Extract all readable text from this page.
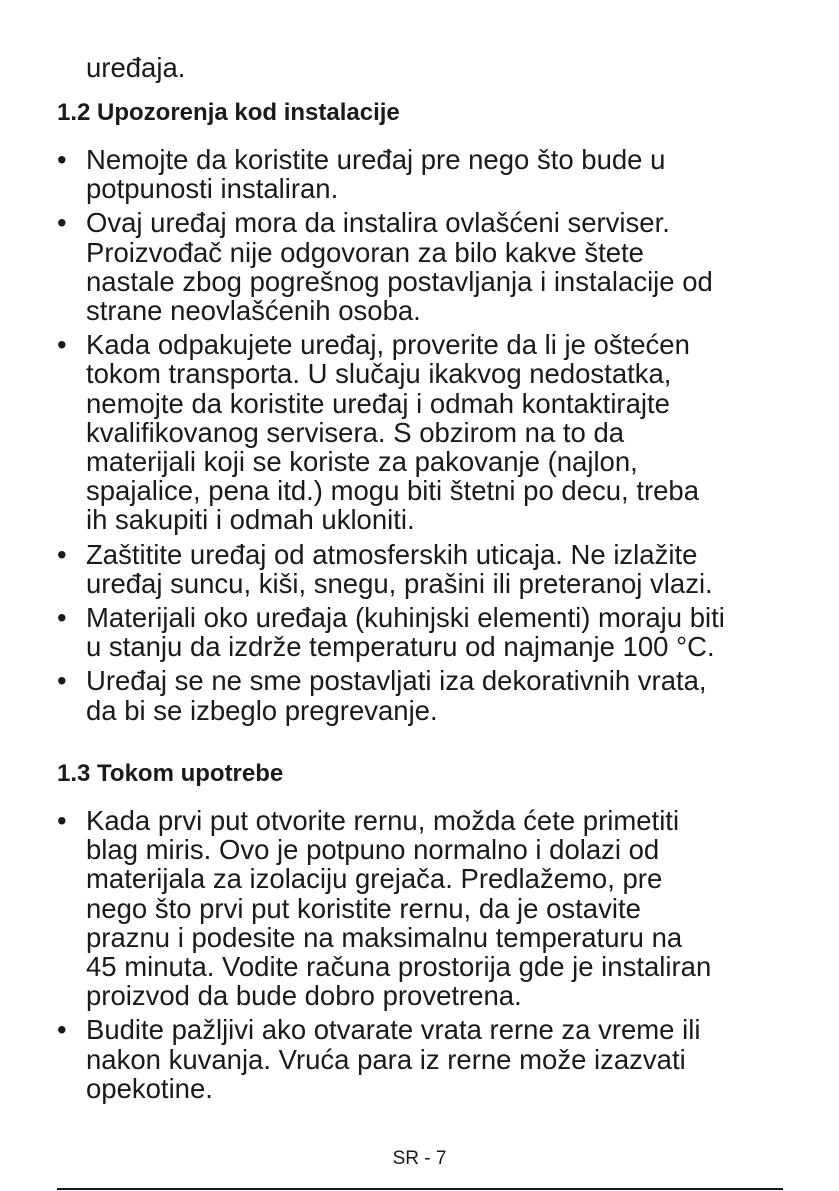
uređaja.

1.2 Upozorenja kod instalacije
• Nemojte da koristite uređaj pre nego što bude u
potpunosti instaliran.
• Ovaj uređaj mora da instalira ovlašćeni serviser.
Proizvođač nije odgovoran za bilo kakve štete
nastale zbog pogrešnog postavljanja i instalacije od
strane neovlašćenih osoba.
• Kada odpakujete uređaj, proverite da li je oštećen
tokom transporta. U slučaju ikakvog nedostatka,
nemojte da koristite uređaj i odmah kontaktirajte
kvalifikovanog servisera. S obzirom na to da
materijali koji se koriste za pakovanje (najlon,
spajalice, pena itd.) mogu biti štetni po decu, treba
ih sakupiti i odmah ukloniti.
• Zaštitite uređaj od atmosferskih uticaja. Ne izlažite
uređaj suncu, kiši, snegu, prašini ili preteranoj vlazi.
• Materijali oko uređaja (kuhinjski elementi) moraju biti
u stanju da izdrže temperaturu od najmanje 100 °C.
• Uređaj se ne sme postavljati iza dekorativnih vrata,
da bi se izbeglo pregrevanje.
1.3 Tokom upotrebe
• Kada prvi put otvorite rernu, možda ćete primetiti
blag miris. Ovo je potpuno normalno i dolazi od
materijala za izolaciju grejača. Predlažemo, pre
nego što prvi put koristite rernu, da je ostavite
praznu i podesite na maksimalnu temperaturu na
45 minuta. Vodite računa prostorija gde je instaliran
proizvod da bude dobro provetrena.
• Budite pažljivi ako otvarate vrata rerne za vreme ili
nakon kuvanja. Vruća para iz rerne može izazvati
opekotine.

SR - 7
